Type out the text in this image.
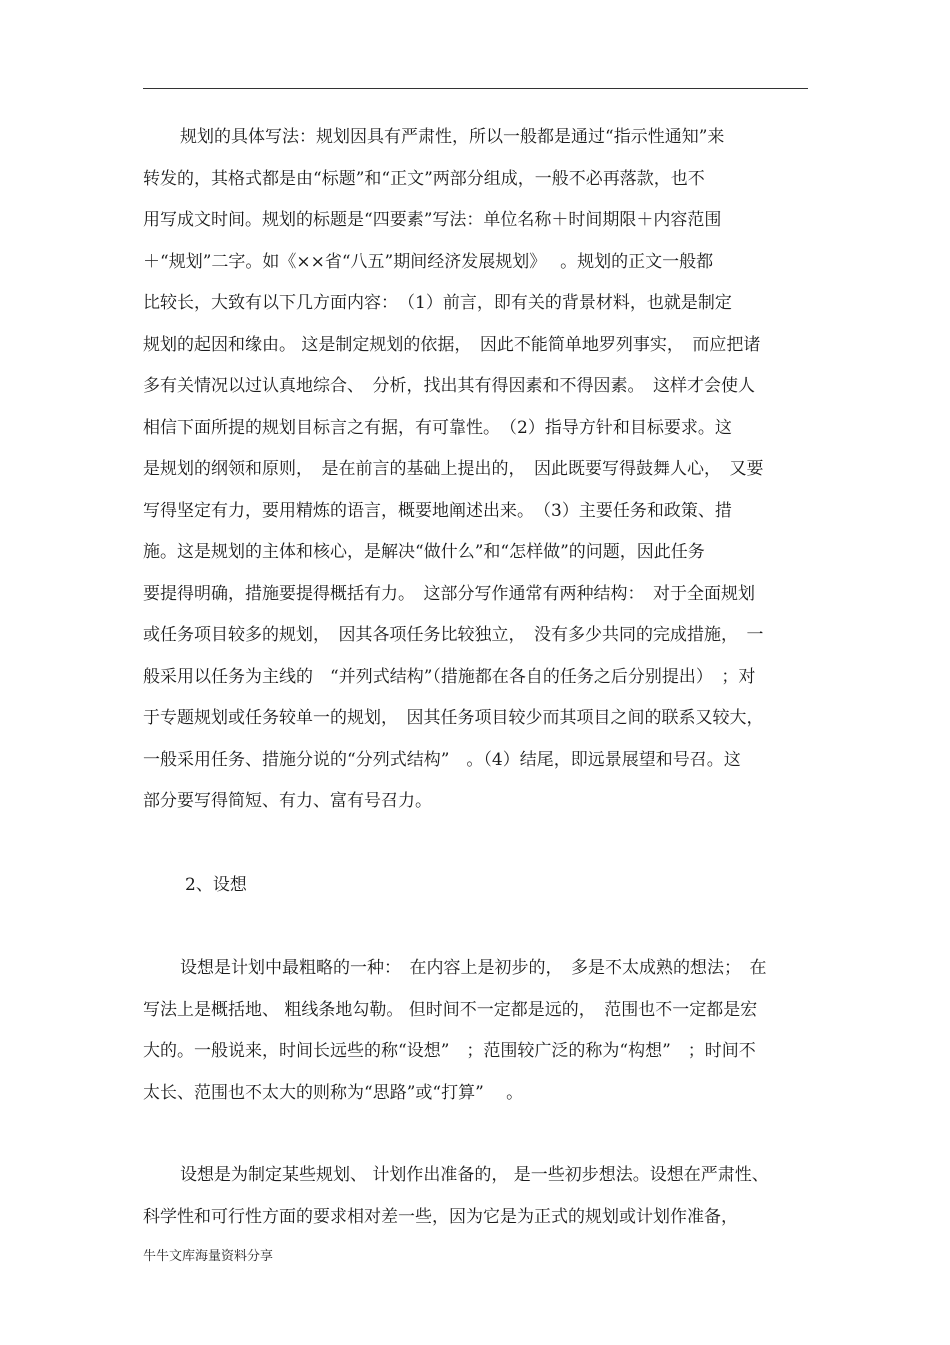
规划的具体写法：规划因具有严肃性，所以一般都是通过“指示性通知”来
转发的，其格式都是由“标题”和“正文”两部分组成，一般不必再落款，也不
用写成文时间。规划的标题是“四要素”写法：单位名称＋时间期限＋内容范围
＋“规划”二字。如《××省“八五”期间经济发展规划》　 。规划的正文一般都
比较长，大致有以下几方面内容：　（1）前言，即有关的背景材料，也就是制定
规划的起因和缘由。 这是制定规划的依据，　因此不能简单地罗列事实，　而应把诸
多有关情况以过认真地综合、　分析，找出其有得因素和不得因素。　这样才会使人
相信下面所提的规划目标言之有据，有可靠性。　（2）指导方针和目标要求。这
是规划的纲领和原则，　是在前言的基础上提出的，　因此既要写得鼓舞人心，　又要
写得坚定有力，要用精炼的语言，概要地阐述出来。　（3）主要任务和政策、措
施。这是规划的主体和核心，是解决“做什么”和“怎样做”的问题，因此任务
要提得明确，措施要提得概括有力。　这部分写作通常有两种结构：　对于全面规划
或任务项目较多的规划，　因其各项任务比较独立，　没有多少共同的完成措施，　一
般采用以任务为主线的　“并列式结构”（措施都在各自的任务之后分别提出）　；对
于专题规划或任务较单一的规划，　因其任务项目较少而其项目之间的联系又较大，
一般采用任务、措施分说的“分列式结构”　。（4）结尾，即远景展望和号召。这
部分要写得简短、有力、富有号召力。
2、设想
设想是计划中最粗略的一种：　在内容上是初步的，　多是不太成熟的想法；　在
写法上是概括地、 粗线条地勾勒。 但时间不一定都是远的，　范围也不一定都是宏
大的。一般说来，时间长远些的称“设想”　；范围较广泛的称为“构想”　；时间不
太长、范围也不太大的则称为“思路”或“打算”　 。
设想是为制定某些规划、 计划作出准备的， 是一些初步想法。设想在严肃性、
科学性和可行性方面的要求相对差一些，因为它是为正式的规划或计划作准备，
牛牛文库海量资料分享
